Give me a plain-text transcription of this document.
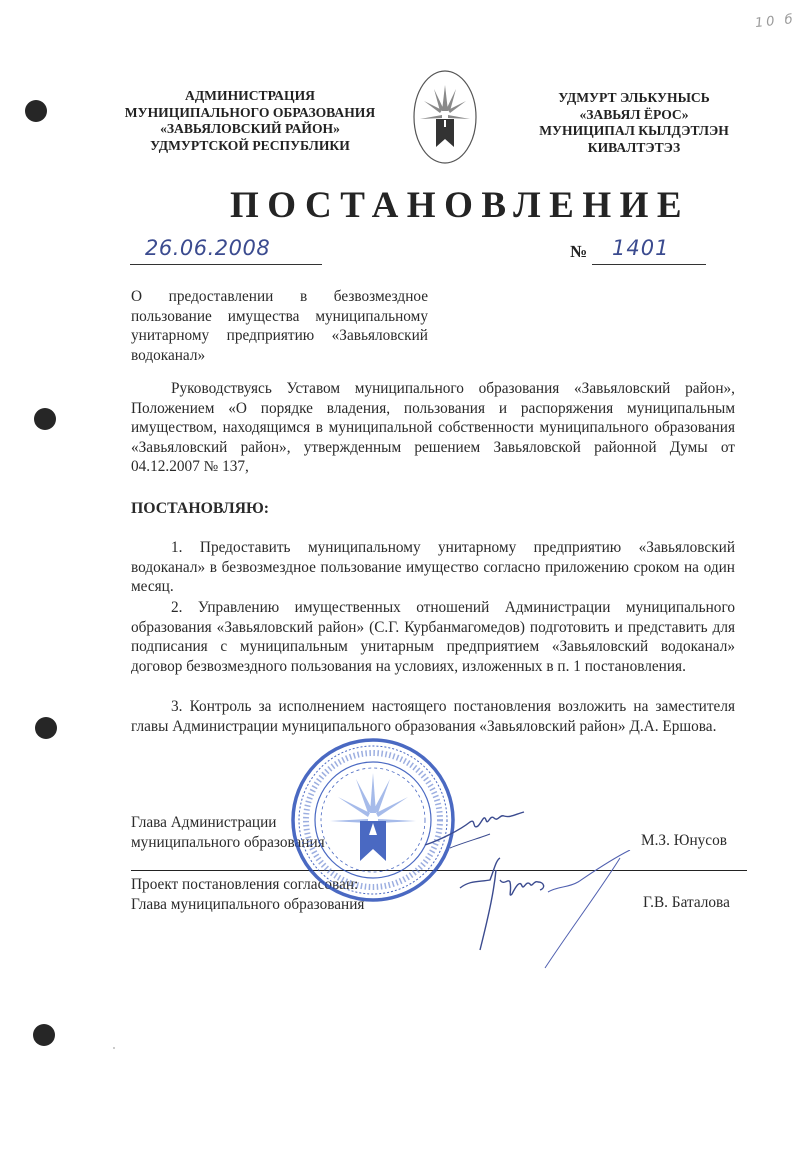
10 б
АДМИНИСТРАЦИЯ
МУНИЦИПАЛЬНОГО ОБРАЗОВАНИЯ
«ЗАВЬЯЛОВСКИЙ РАЙОН»
УДМУРТСКОЙ РЕСПУБЛИКИ
УДМУРТ ЭЛЬКУНЫСЬ
«ЗАВЬЯЛ ЁРОС»
МУНИЦИПАЛ КЫЛДЭТЛЭН
КИВАЛТЭТЭЗ
ПОСТАНОВЛЕНИЕ
26.06.2008	№ 1401
О предоставлении в безвозмездное пользование имущества муниципальному унитарному предприятию «Завьяловский водоканал»
Руководствуясь Уставом муниципального образования «Завьяловский район», Положением «О порядке владения, пользования и распоряжения муниципальным имуществом, находящимся в муниципальной собственности муниципального образования «Завьяловский район», утвержденным решением Завьяловской районной Думы от 04.12.2007 № 137,
ПОСТАНОВЛЯЮ:
1. Предоставить муниципальному унитарному предприятию «Завьяловский водоканал» в безвозмездное пользование имущество согласно приложению сроком на один месяц.
2. Управлению имущественных отношений Администрации муниципального образования «Завьяловский район» (С.Г. Курбанмагомедов) подготовить и представить для подписания с муниципальным унитарным предприятием «Завьяловский водоканал» договор безвозмездного пользования на условиях, изложенных в п. 1 постановления.
3. Контроль за исполнением настоящего постановления возложить на заместителя главы Администрации муниципального образования «Завьяловский район» Д.А. Ершова.
Глава Администрации
муниципального образования	М.З. Юнусов
Проект постановления согласован:
Глава муниципального образования	Г.В. Баталова
